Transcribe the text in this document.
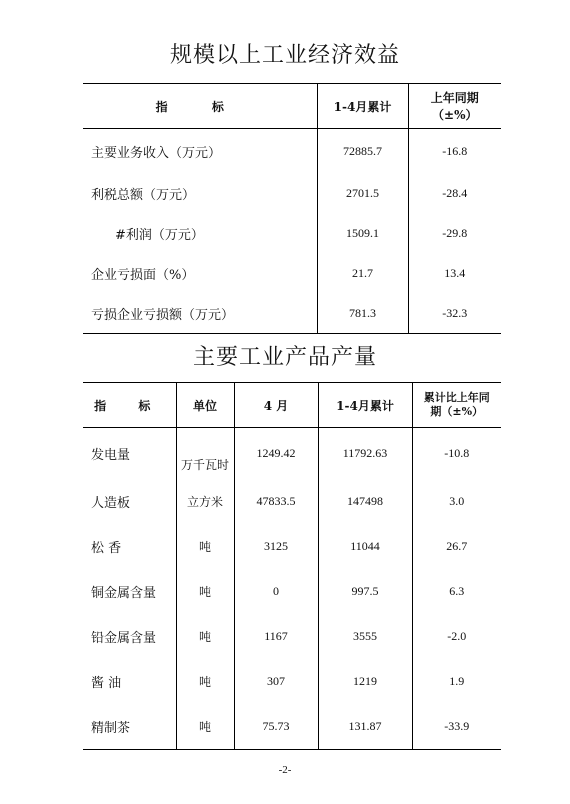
规模以上工业经济效益
指 标	1-4月累计	上年同期
（±%）

主要业务收入（万元）	72885.7	-16.8
利税总额（万元）	2701.5	-28.4
#利润（万元）	1509.1	-29.8
企业亏损面（%）	21.7	13.4
亏损企业亏损额（万元）	781.3	-32.3
主要工业产品产量
指 标	单位	4 月	1-4月累计	累计比上年同
期（±%）

发电量	万千瓦时	1249.42	11792.63	-10.8
人造板	立方米	47833.5	147498	3.0
松 香	吨	3125	11044	26.7
铜金属含量	吨	0	997.5	6.3
铅金属含量	吨	1167	3555	-2.0
酱 油	吨	307	1219	1.9
精制茶	吨	75.73	131.87	-33.9
-2-
